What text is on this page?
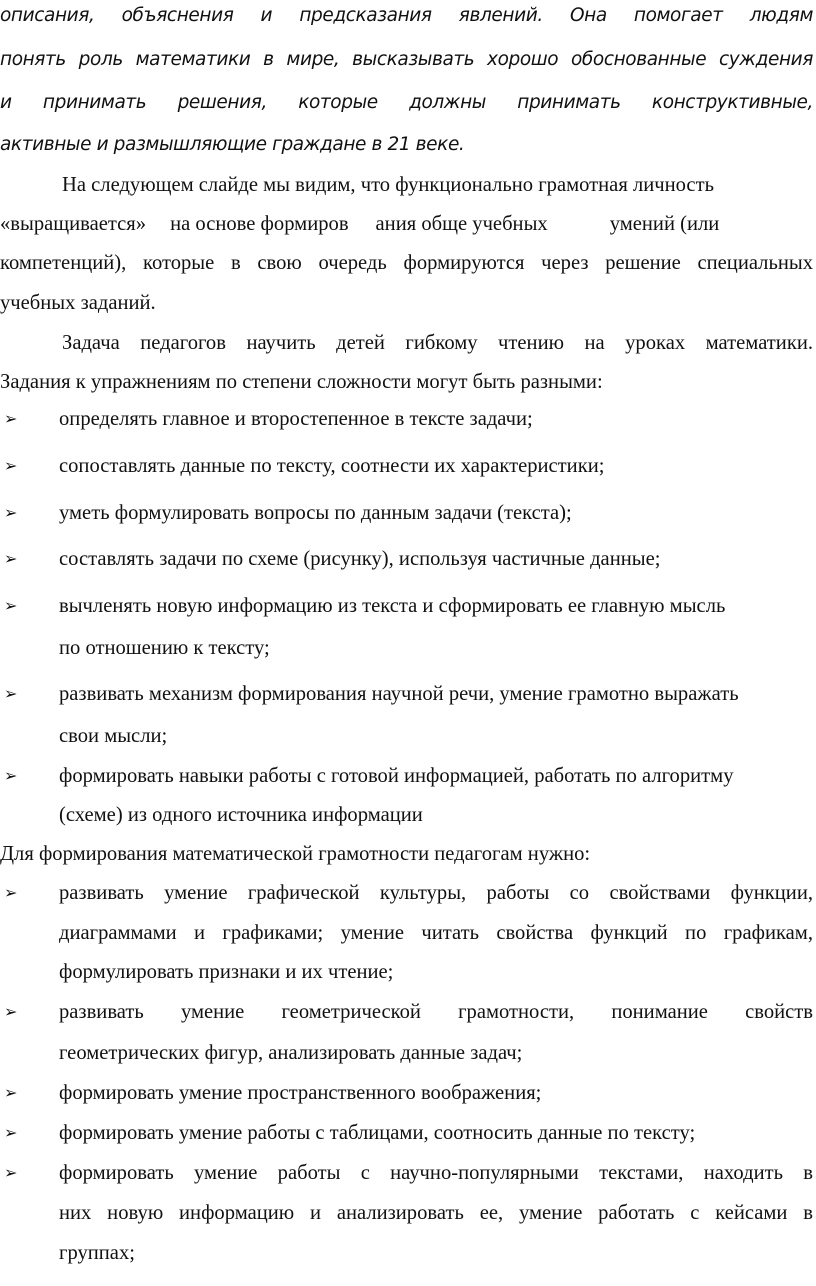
описания, объяснения и предсказания явлений. Она помогает людям

понять роль математики в мире, высказывать хорошо обоснованные суждения

и принимать решения, которые должны принимать конструктивные,

активные и размышляющие граждане в 21 веке.

На следующем слайде мы видим, что функционально грамотная личность

«выращивается» на основе формиров ания обще учебных	умений (или

компетенций), которые в свою очередь формируются через решение специальных

учебных заданий.

Задача педагогов научить детей гибкому чтению на уроках математики.

Задания к упражнениям по степени сложности могут быть разными:

➢ определять главное и второстепенное в тексте задачи;

➢ сопоставлять данные по тексту, соотнести их характеристики;

➢ уметь формулировать вопросы по данным задачи (текста);

➢ составлять задачи по схеме (рисунку), используя частичные данные;

➢ вычленять новую информацию из текста и сформировать ее главную мысль

по отношению к тексту;

➢ развивать механизм формирования научной речи, умение грамотно выражать

свои мысли;

➢ формировать навыки работы с готовой информацией, работать по алгоритму

(схеме) из одного источника информации

Для формирования математической грамотности педагогам нужно:

➢ развивать умение графической культуры, работы со свойствами функции,

диаграммами и графиками; умение читать свойства функций по графикам,

формулировать признаки и их чтение;

➢ развивать умение геометрической грамотности, понимание свойств

геометрических фигур, анализировать данные задач;

➢ формировать умение пространственного воображения;

➢ формировать умение работы с таблицами, соотносить данные по тексту;

➢ формировать умение работы с научно-популярными текстами, находить в

них новую информацию и анализировать ее, умение работать с кейсами в

группах;
